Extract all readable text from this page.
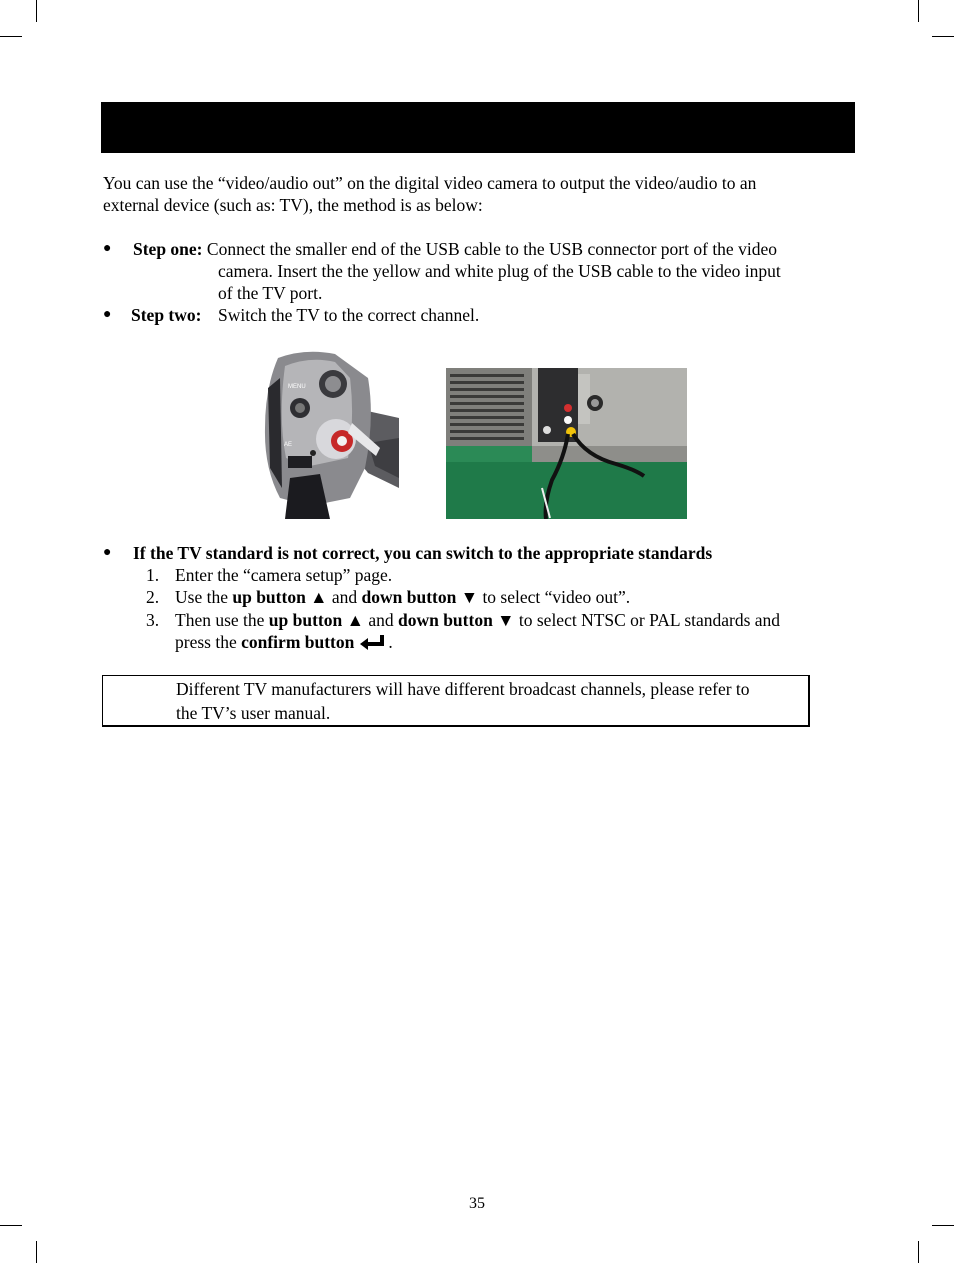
You can use the “video/audio out” on the digital video camera to output the video/audio to an
external device (such as: TV), the method is as below:
● Step one: Connect the smaller end of the USB cable to the USB connector port of the video
camera. Insert the the yellow and white plug of the USB cable to the video input
of the TV port.
● Step two: Switch the TV to the correct channel.
MENU
AE
● If the TV standard is not correct, you can switch to the appropriate standards
1. Enter the “camera setup” page.
2. Use the up button ▲ and down button ▼ to select “video out”.
3. Then use the up button ▲ and down button ▼ to select NTSC or PAL standards and
press the confirm button .
Different TV manufacturers will have different broadcast channels, please refer to
the TV’s user manual.
35
